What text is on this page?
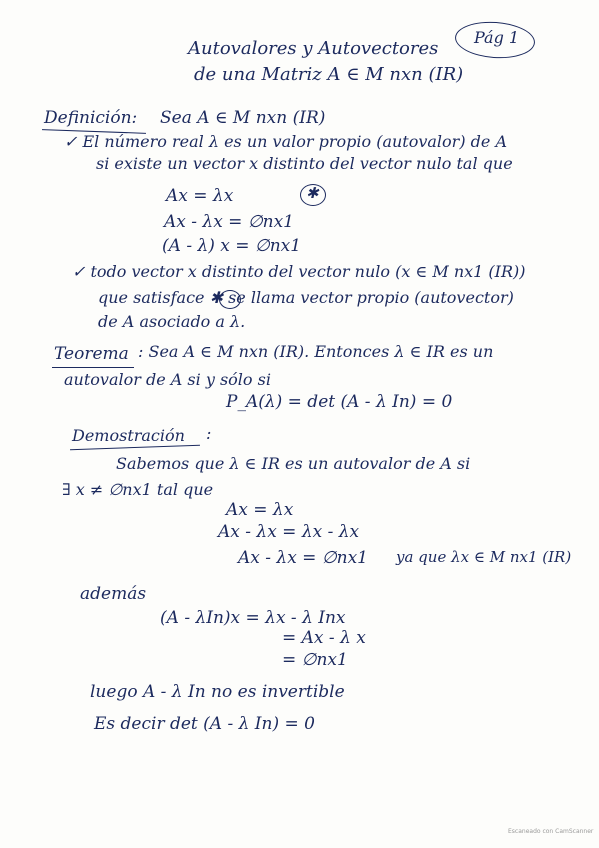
Pág 1
Autovalores y Autovectores
de una Matriz A ∈ M nxn (IR)
Definición: Sea A ∈ M nxn (IR)
✓ El número real λ es un valor propio (autovalor) de A
si existe un vector x distinto del vector nulo tal que
Ax = λx	✱
Ax - λx = ∅nx1
(A - λ) x = ∅nx1
✓ todo vector x distinto del vector nulo (x ∈ M nx1 (IR))
que satisface ✱ se llama vector propio (autovector)
de A asociado a λ.
Teorema : Sea A ∈ M nxn (IR). Entonces λ ∈ IR es un
autovalor de A si y sólo si
P_A(λ) = det (A - λ In) = 0
Demostración :
Sabemos que λ ∈ IR es un autovalor de A si
∃ x ≠ ∅nx1 tal que
Ax = λx
Ax - λx = λx - λx
Ax - λx = ∅nx1 ya que λx ∈ M nx1 (IR)
además
(A - λIn)x = λx - λ Inx
= Ax - λ x
= ∅nx1
luego A - λ In no es invertible
Es decir det (A - λ In) = 0
Escaneado con CamScanner
